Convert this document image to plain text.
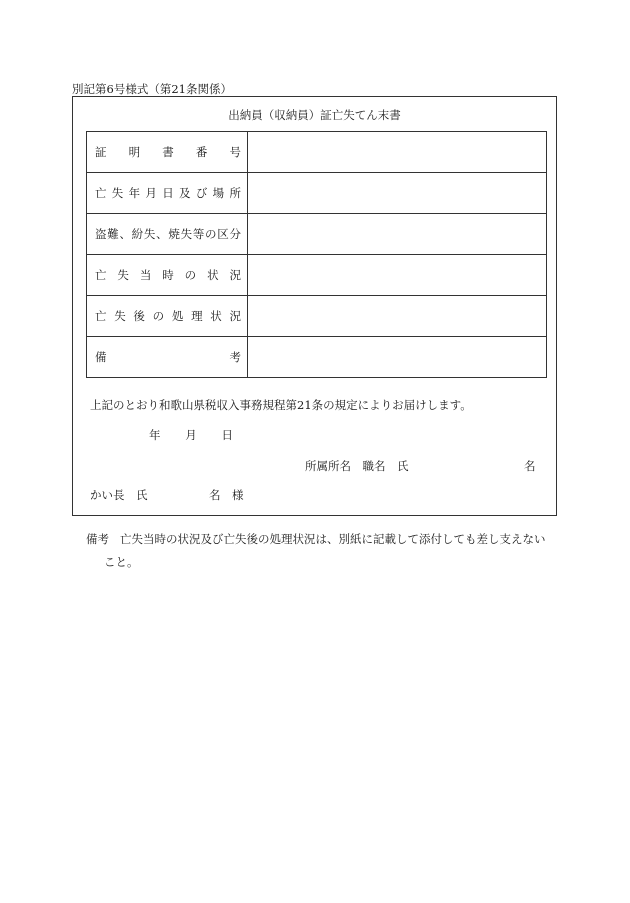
別記第6号様式（第21条関係）
出納員（収納員）証亡失てん末書
証明書番号	

亡失年月日及び場所	

盗難、紛失、焼失等の区分	

亡失当時の状況	

亡失後の処理状況	

備考	

上記のとおり和歌山県税収入事務規程第21条の規定によりお届けします。
年 月 日
所属所名　職名　氏	名
かい長　氏	名　様
備考 亡失当時の状況及び亡失後の処理状況は、別紙に記載して添付しても差し支えない
こと。
